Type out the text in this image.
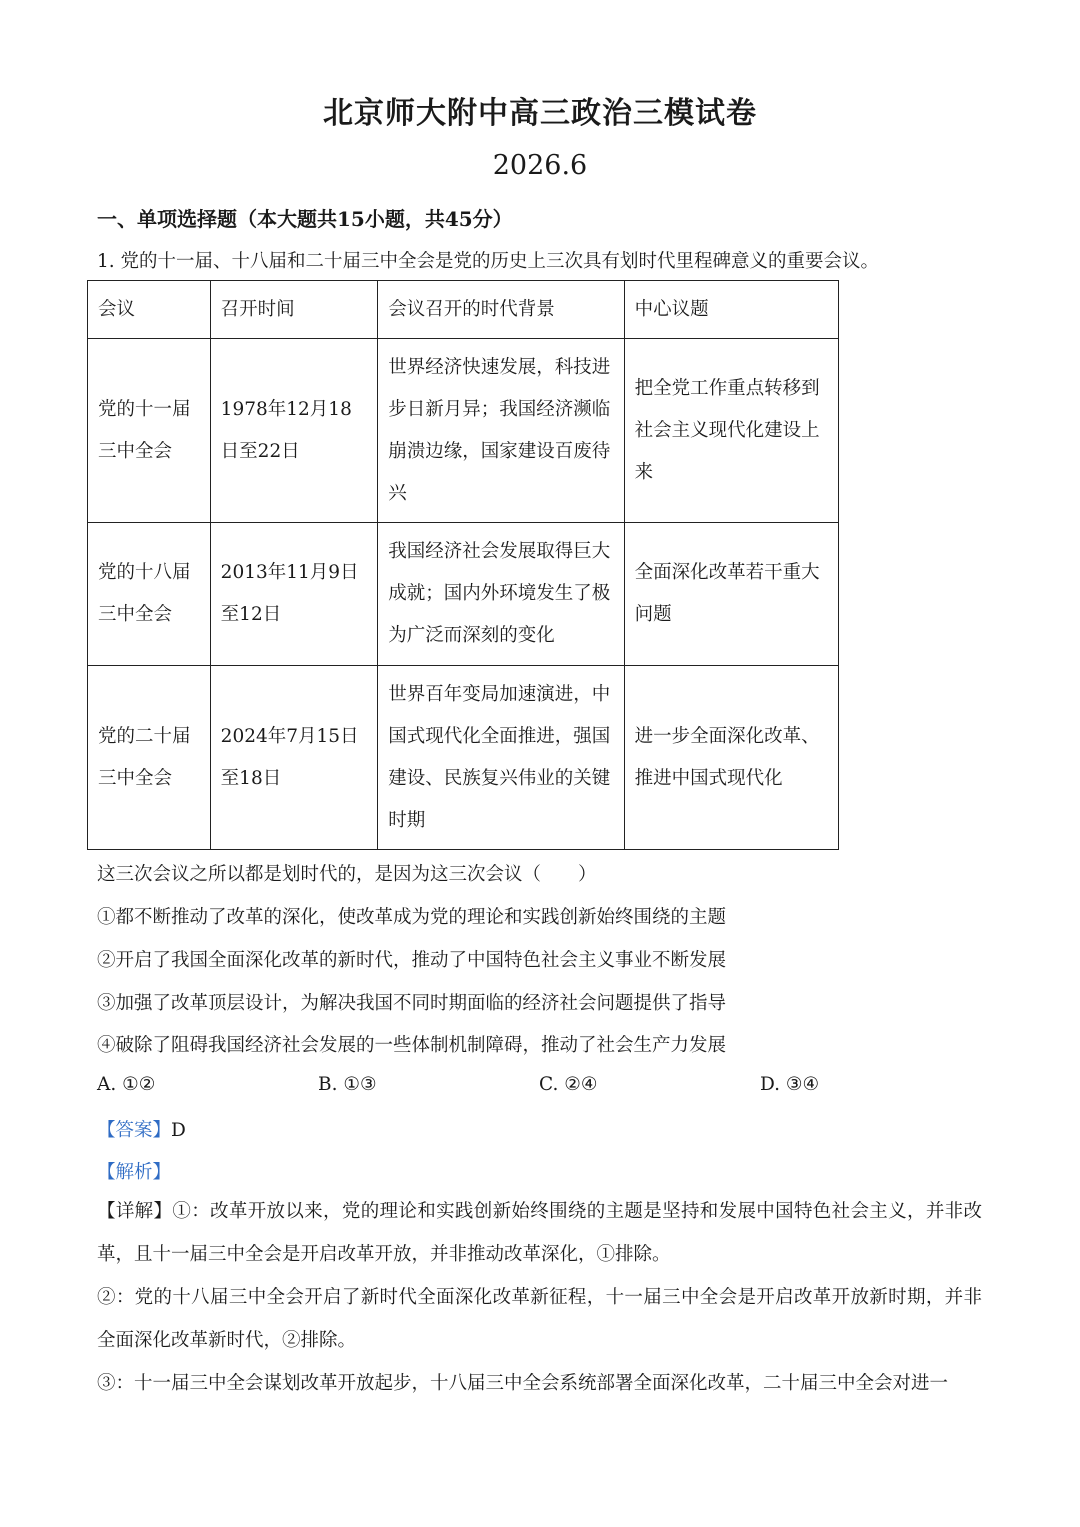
北京师大附中高三政治三模试卷
2026.6
一、单项选择题（本大题共15小题，共45分）
1. 党的十一届、十八届和二十届三中全会是党的历史上三次具有划时代里程碑意义的重要会议。
会议	召开时间	会议召开的时代背景	中心议题
党的十一届三中全会	1978年12月18日至22日	世界经济快速发展，科技进步日新月异；我国经济濒临崩溃边缘，国家建设百废待兴	把全党工作重点转移到社会主义现代化建设上来
党的十八届三中全会	2013年11月9日至12日	我国经济社会发展取得巨大成就；国内外环境发生了极为广泛而深刻的变化	全面深化改革若干重大问题
党的二十届三中全会	2024年7月15日至18日	世界百年变局加速演进，中国式现代化全面推进，强国建设、民族复兴伟业的关键时期	进一步全面深化改革、推进中国式现代化
这三次会议之所以都是划时代的，是因为这三次会议（　　）
①都不断推动了改革的深化，使改革成为党的理论和实践创新始终围绕的主题
②开启了我国全面深化改革的新时代，推动了中国特色社会主义事业不断发展
③加强了改革顶层设计，为解决我国不同时期面临的经济社会问题提供了指导
④破除了阻碍我国经济社会发展的一些体制机制障碍，推动了社会生产力发展
A. ①②	B. ①③	C. ②④	D. ③④
【答案】D
【解析】
【详解】①：改革开放以来，党的理论和实践创新始终围绕的主题是坚持和发展中国特色社会主义，并非改革，且十一届三中全会是开启改革开放，并非推动改革深化，①排除。
②：党的十八届三中全会开启了新时代全面深化改革新征程，十一届三中全会是开启改革开放新时期，并非全面深化改革新时代，②排除。
③：十一届三中全会谋划改革开放起步，十八届三中全会系统部署全面深化改革，二十届三中全会对进一
